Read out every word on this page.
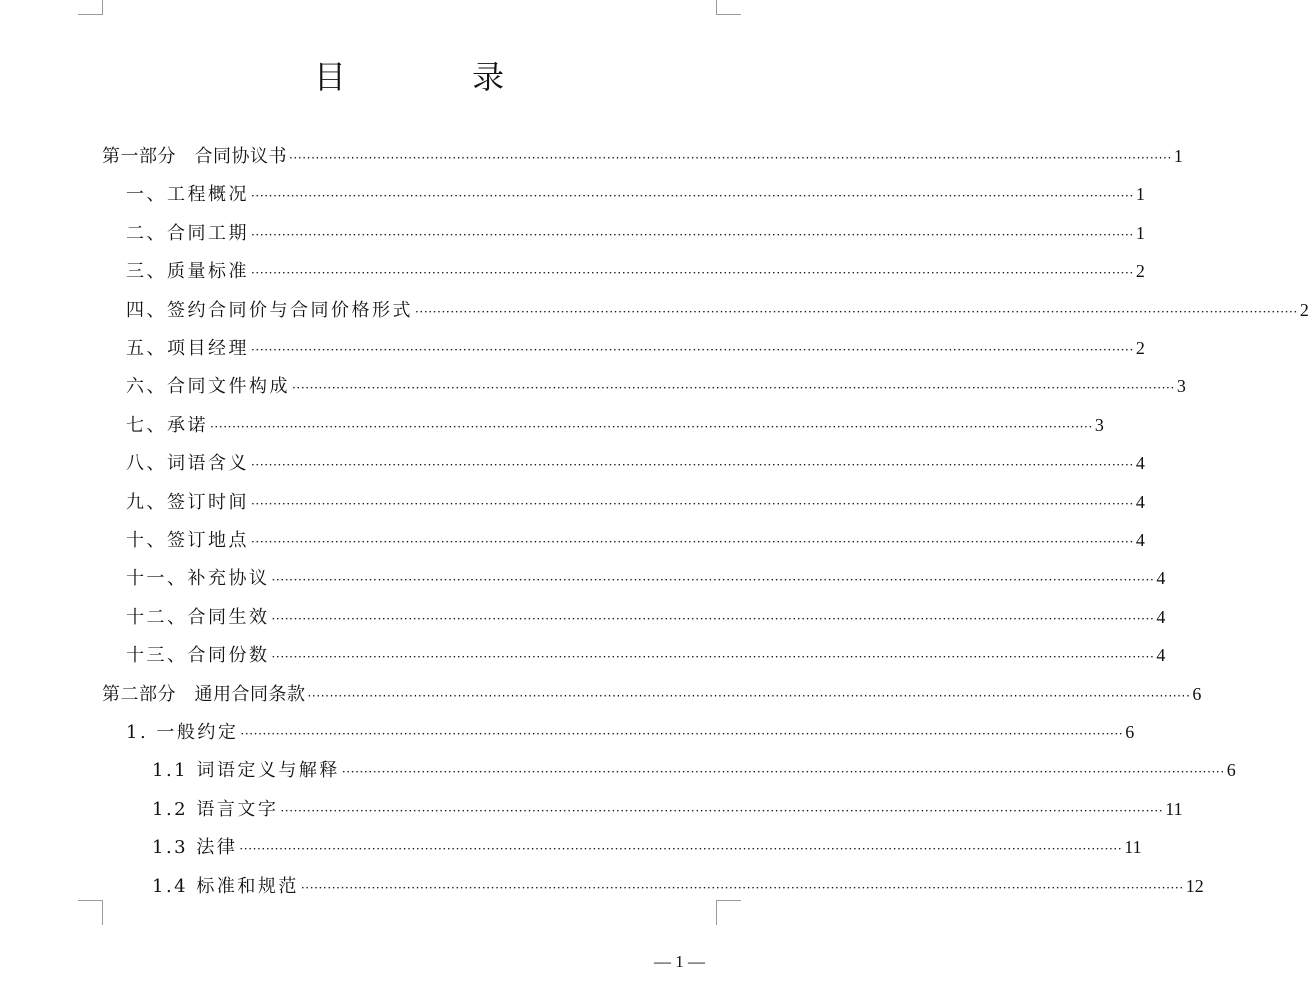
目 录
第一部分　合同协议书 ········································································································································································································ 1
一、工程概况 ········································································································································································································ 1
二、合同工期 ········································································································································································································ 1
三、质量标准 ········································································································································································································ 2
四、签约合同价与合同价格形式 ········································································································································································································ 2
五、项目经理 ········································································································································································································ 2
六、合同文件构成 ········································································································································································································ 3
七、承诺 ········································································································································································································ 3
八、词语含义 ········································································································································································································ 4
九、签订时间 ········································································································································································································ 4
十、签订地点 ········································································································································································································ 4
十一、补充协议 ········································································································································································································ 4
十二、合同生效 ········································································································································································································ 4
十三、合同份数 ········································································································································································································ 4
第二部分　通用合同条款 ········································································································································································································ 6
1. 一般约定 ········································································································································································································ 6
1.1 词语定义与解释 ········································································································································································································ 6
1.2 语言文字 ········································································································································································································ 11
1.3 法律 ········································································································································································································ 11
1.4 标准和规范 ········································································································································································································ 12
— 1 —
